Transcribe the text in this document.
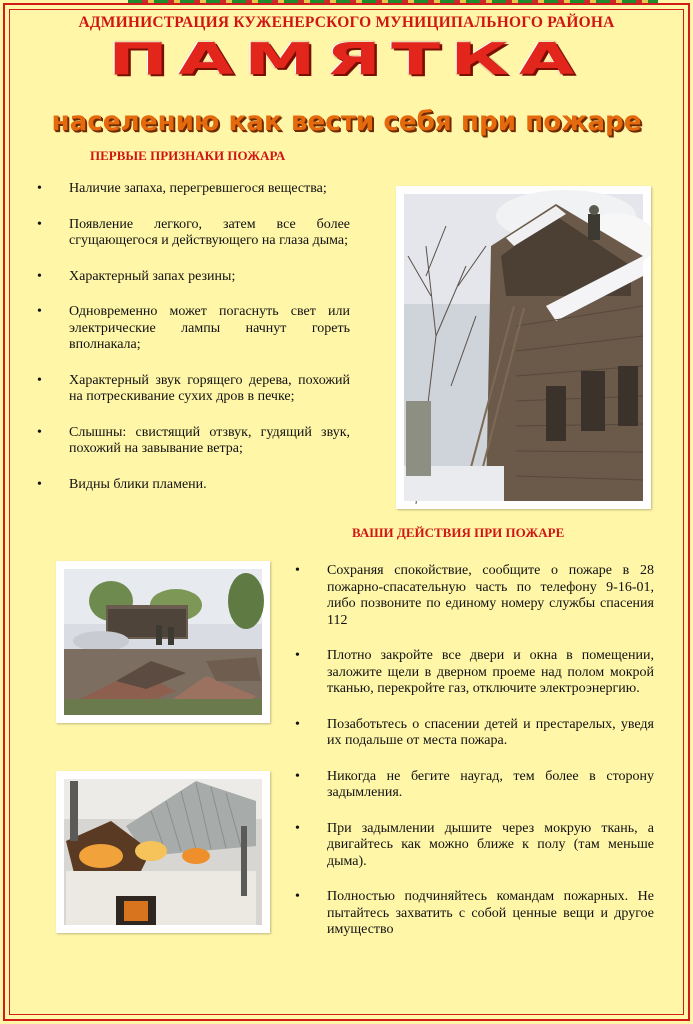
АДМИНИСТРАЦИЯ КУЖЕНЕРСКОГО МУНИЦИПАЛЬНОГО РАЙОНА
ПАМЯТКА
населению как вести себя при пожаре
ПЕРВЫЕ ПРИЗНАКИ ПОЖАРА
• Наличие запаха, перегревшегося вещества;
• Появление легкого, затем все более сгущающегося и действующего на глаза дыма;
• Характерный запах резины;
• Одновременно может погаснуть свет или электрические лампы начнут гореть вполнакала;
• Характерный звук горящего дерева, похожий на потрескивание сухих дров в печке;
• Слышны: свистящий отзвук, гудящий звук, похожий на завывание ветра;
• Видны блики пламени.
ВАШИ ДЕЙСТВИЯ ПРИ ПОЖАРЕ
• Сохраняя спокойствие, сообщите о пожаре в 28 пожарно-спасательную часть по телефону 9-16-01, либо позвоните по единому номеру службы спасения 112
• Плотно закройте все двери и окна в помещении, заложите щели в дверном проеме над полом мокрой тканью, перекройте газ, отключите электроэнергию.
• Позаботьтесь о спасении детей и престарелых, уведя их подальше от места пожара.
• Никогда не бегите наугад, тем более в сторону задымления.
• При задымлении дышите через мокрую ткань, а двигайтесь как можно ближе к полу (там меньше дыма).
• Полностью подчиняйтесь командам пожарных. Не пытайтесь захватить с собой ценные вещи и другое имущество
